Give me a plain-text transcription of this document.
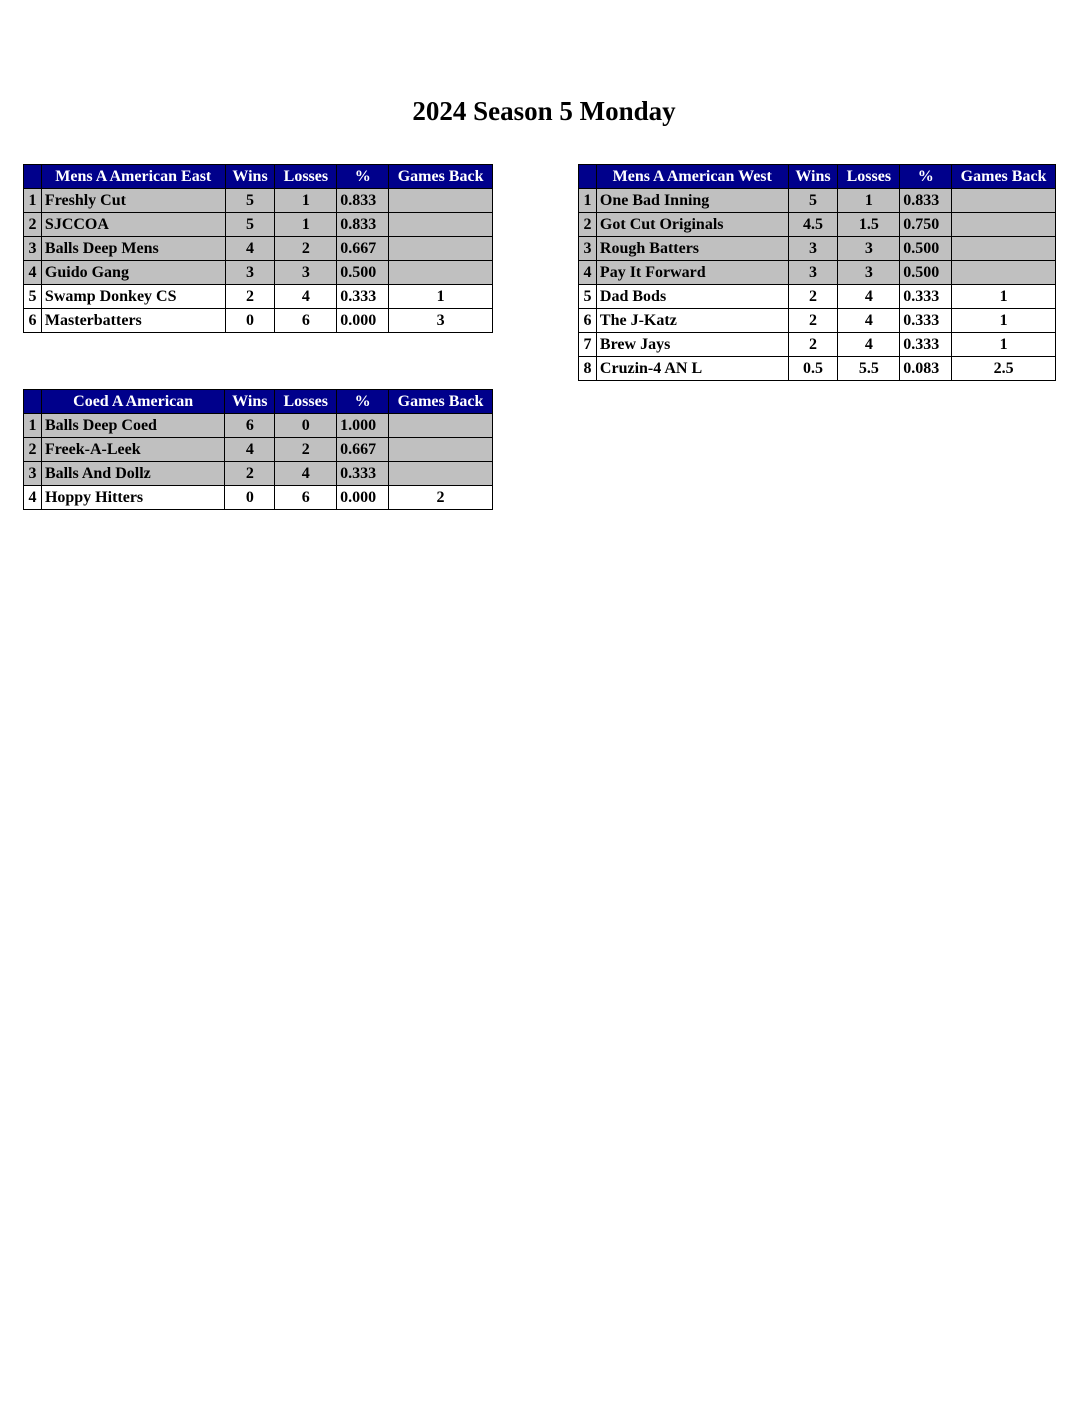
2024 Season 5 Monday
	Mens A American East	Wins	Losses	%	Games Back
1	Freshly Cut	5	1	0.833	
2	SJCCOA	5	1	0.833	
3	Balls Deep Mens	4	2	0.667	
4	Guido Gang	3	3	0.500	
5	Swamp Donkey CS	2	4	0.333	1
6	Masterbatters	0	6	0.000	3
	Mens A American West	Wins	Losses	%	Games Back
1	One Bad Inning	5	1	0.833	
2	Got Cut Originals	4.5	1.5	0.750	
3	Rough Batters	3	3	0.500	
4	Pay It Forward	3	3	0.500	
5	Dad Bods	2	4	0.333	1
6	The J-Katz	2	4	0.333	1
7	Brew Jays	2	4	0.333	1
8	Cruzin-4 AN L	0.5	5.5	0.083	2.5
	Coed A American	Wins	Losses	%	Games Back
1	Balls Deep Coed	6	0	1.000	
2	Freek-A-Leek	4	2	0.667	
3	Balls And Dollz	2	4	0.333	
4	Hoppy Hitters	0	6	0.000	2
